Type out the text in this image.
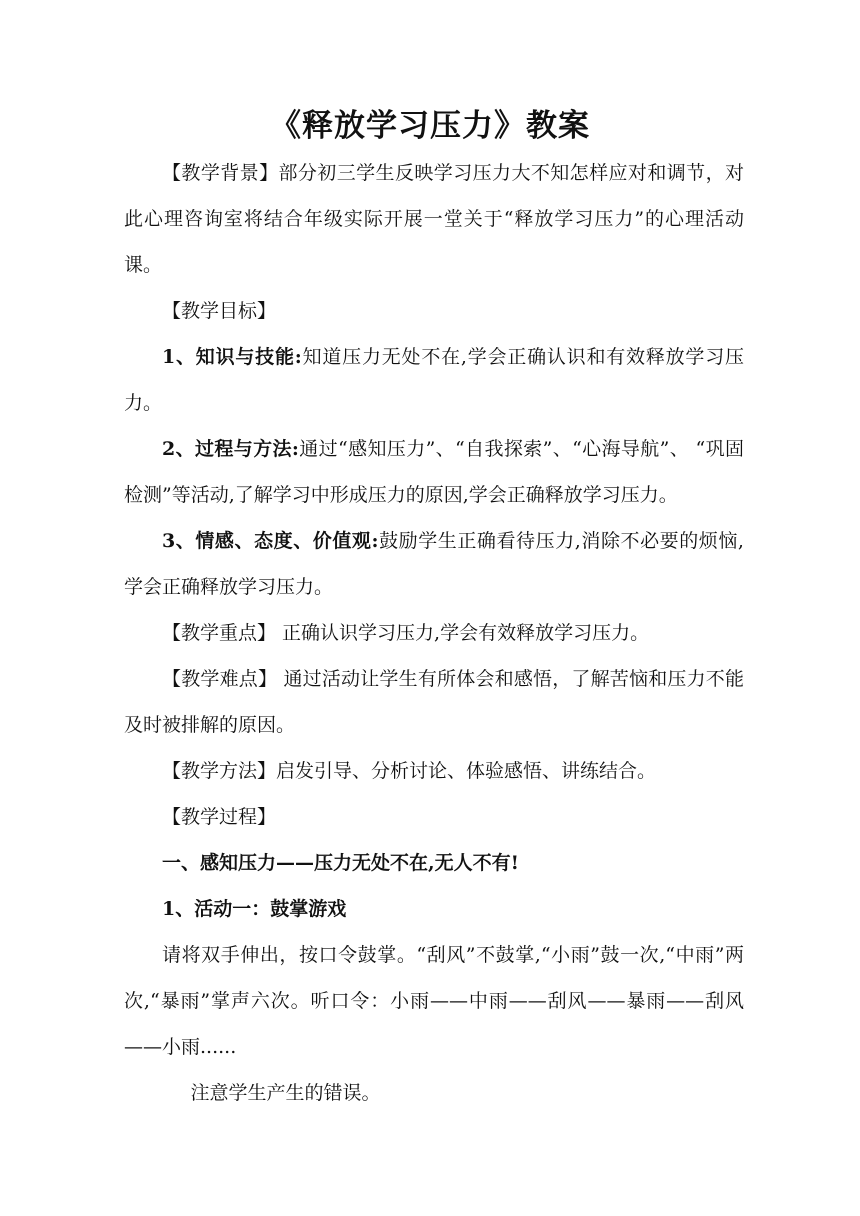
《释放学习压力》教案

【教学背景】部分初三学生反映学习压力大不知怎样应对和调节，对此心理咨询室将结合年级实际开展一堂关于“释放学习压力”的心理活动课。

【教学目标】

1、知识与技能:知道压力无处不在,学会正确认识和有效释放学习压力。

2、过程与方法:通过“感知压力”、“自我探索”、“心海导航”、 “巩固检测”等活动,了解学习中形成压力的原因,学会正确释放学习压力。

3、情感、态度、价值观:鼓励学生正确看待压力,消除不必要的烦恼,学会正确释放学习压力。

【教学重点】 正确认识学习压力,学会有效释放学习压力。

【教学难点】 通过活动让学生有所体会和感悟，了解苦恼和压力不能及时被排解的原因。

【教学方法】启发引导、分析讨论、体验感悟、讲练结合。

【教学过程】

一、感知压力——压力无处不在,无人不有!

1、活动一：鼓掌游戏

请将双手伸出，按口令鼓掌。“刮风”不鼓掌,“小雨”鼓一次,“中雨”两次,“暴雨”掌声六次。听口令：小雨——中雨——刮风——暴雨——刮风——小雨......

注意学生产生的错误。
